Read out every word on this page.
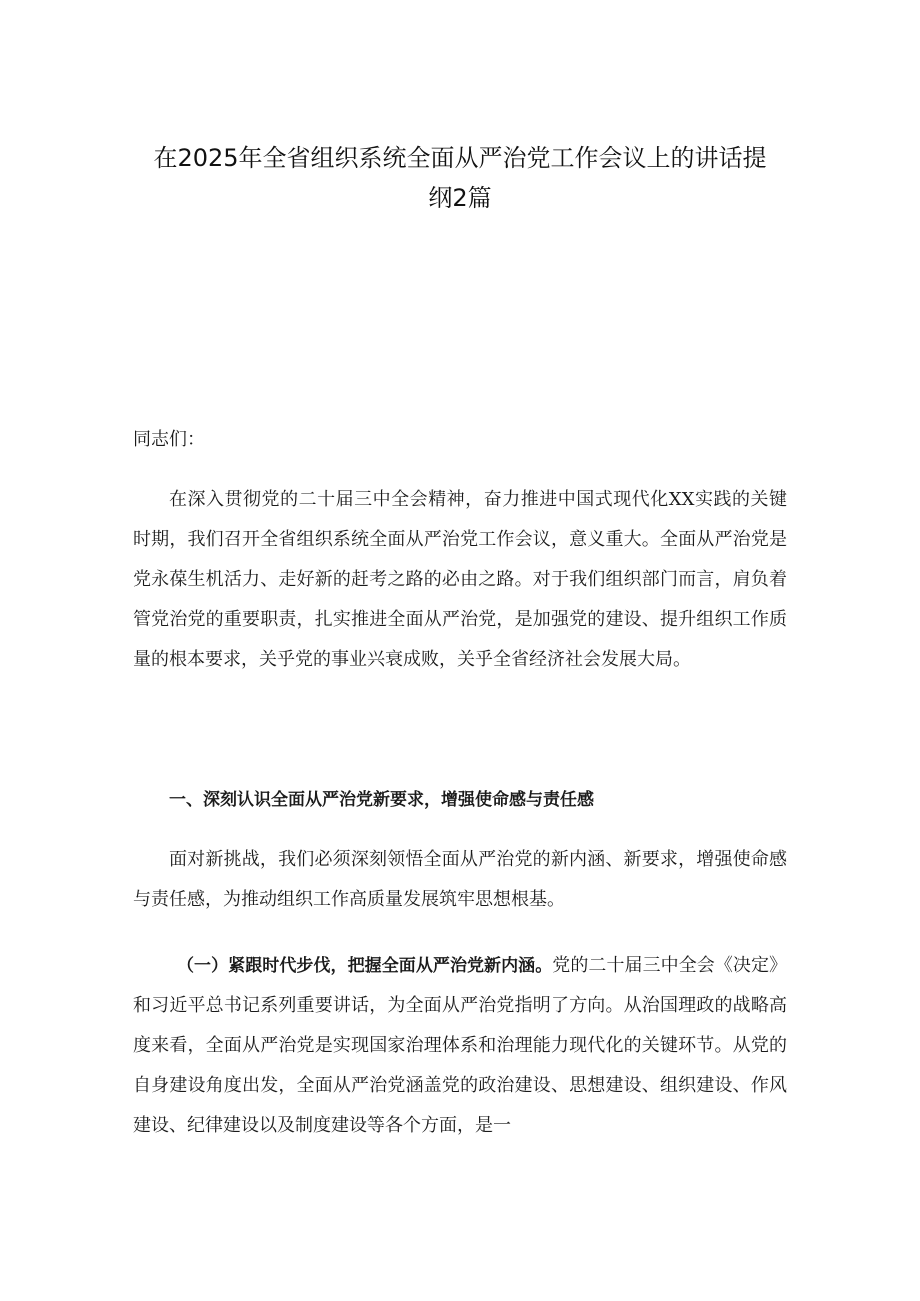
在2025年全省组织系统全面从严治党工作会议上的讲话提
纲2篇
同志们：
在深入贯彻党的二十届三中全会精神，奋力推进中国式现代化XX实践的关键时期，我们召开全省组织系统全面从严治党工作会议，意义重大。全面从严治党是党永葆生机活力、走好新的赶考之路的必由之路。对于我们组织部门而言，肩负着管党治党的重要职责，扎实推进全面从严治党，是加强党的建设、提升组织工作质量的根本要求，关乎党的事业兴衰成败，关乎全省经济社会发展大局。
一、深刻认识全面从严治党新要求，增强使命感与责任感
面对新挑战，我们必须深刻领悟全面从严治党的新内涵、新要求，增强使命感与责任感，为推动组织工作高质量发展筑牢思想根基。
（一）紧跟时代步伐，把握全面从严治党新内涵。党的二十届三中全会《决定》和习近平总书记系列重要讲话，为全面从严治党指明了方向。从治国理政的战略高度来看，全面从严治党是实现国家治理体系和治理能力现代化的关键环节。从党的自身建设角度出发，全面从严治党涵盖党的政治建设、思想建设、组织建设、作风建设、纪律建设以及制度建设等各个方面，是一
